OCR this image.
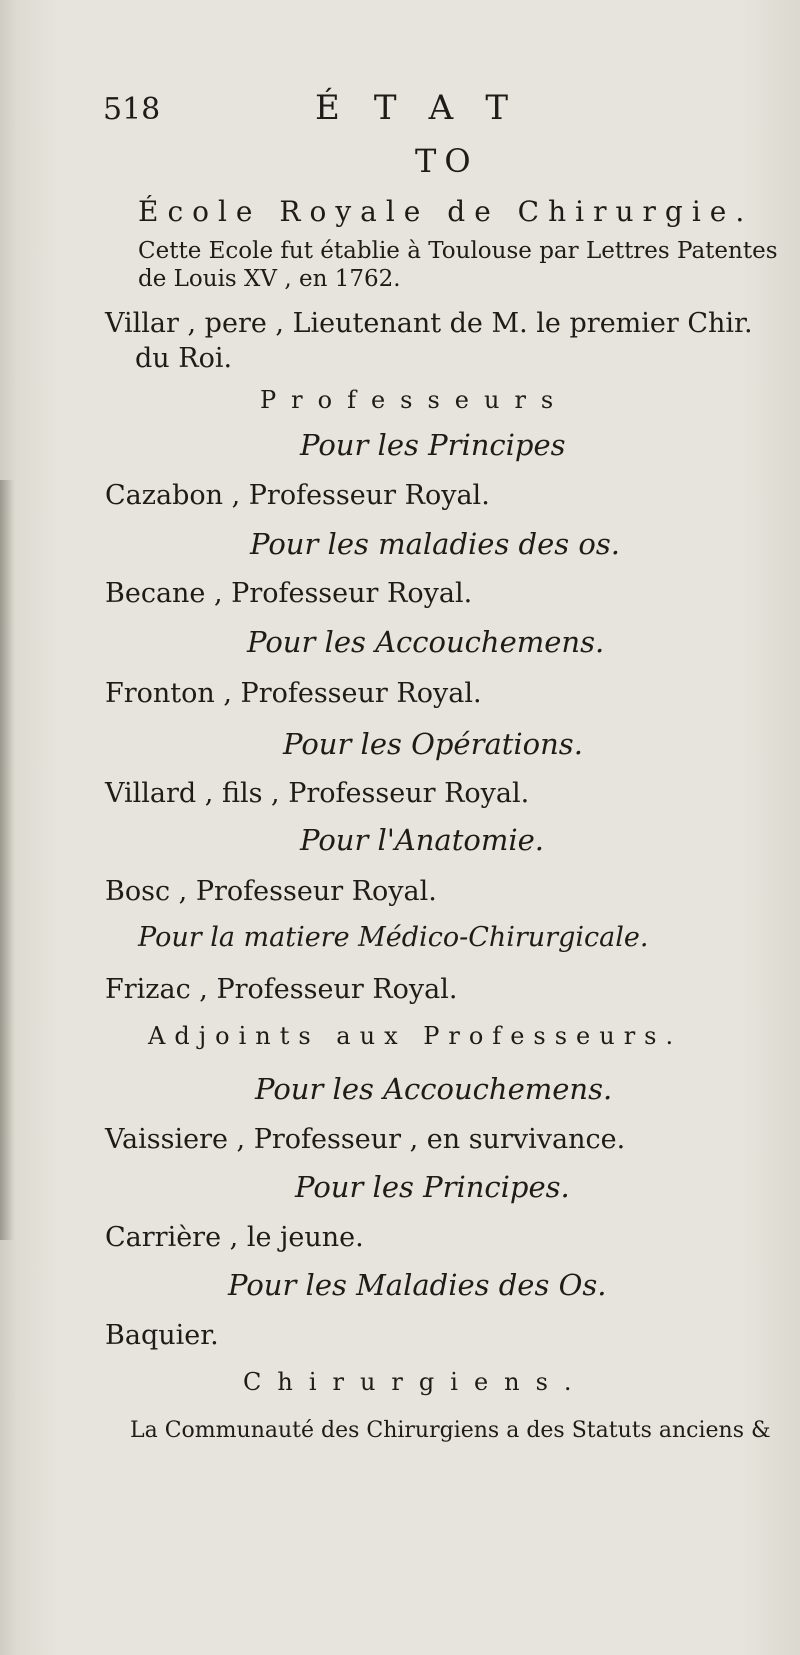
518	ÉTAT
TO
École Royale de Chirurgie.
Cette Ecole fut établie à Toulouse par Lettres Patentes
de Louis XV , en 1762.
Villar , pere , Lieutenant de M. le premier Chir.
du Roi.
Professeurs
Pour les Principes
Cazabon , Professeur Royal.
Pour les maladies des os.
Becane , Professeur Royal.
Pour les Accouchemens.
Fronton , Professeur Royal.
Pour les Opérations.
Villard , fils , Professeur Royal.
Pour l'Anatomie.
Bosc , Professeur Royal.
Pour la matiere Médico-Chirurgicale.
Frizac , Professeur Royal.
Adjoints aux Professeurs.
Pour les Accouchemens.
Vaissiere , Professeur , en survivance.
Pour les Principes.
Carrière , le jeune.
Pour les Maladies des Os.
Baquier.
Chirurgiens.
La Communauté des Chirurgiens a des Statuts anciens &
